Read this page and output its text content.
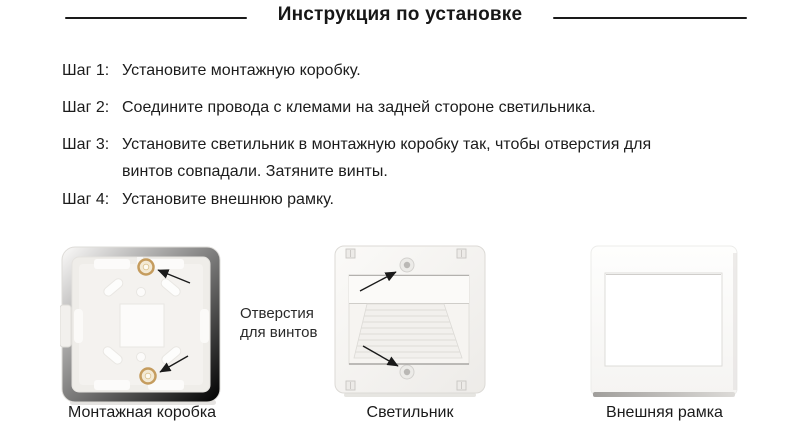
Инструкция по установке
Шаг 1: Установите монтажную коробку.
Шаг 2: Соедините провода с клемами на задней стороне светильника.
Шаг 3: Установите светильник в монтажную коробку так, чтобы отверстия для винтов совпадали. Затяните винты.
Шаг 4: Установите внешнюю рамку.
Отверстия
для винтов
Монтажная коробка	Светильник	Внешняя рамка
